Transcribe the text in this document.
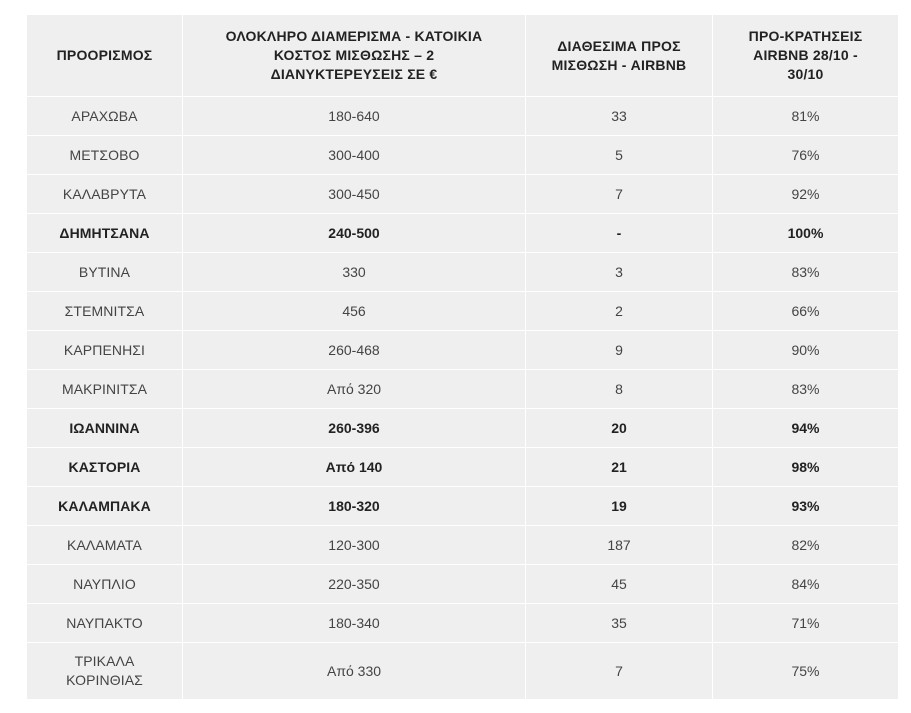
ΠΡΟΟΡΙΣΜΟΣ	ΟΛΟΚΛΗΡΟ ΔΙΑΜΕΡΙΣΜΑ - ΚΑΤΟΙΚΙΑ ΚΟΣΤΟΣ ΜΙΣΘΩΣΗΣ – 2 ΔΙΑΝΥΚΤΕΡΕΥΣΕΙΣ ΣΕ €	ΔΙΑΘΕΣΙΜΑ ΠΡΟΣ ΜΙΣΘΩΣΗ - AIRBNB	ΠΡΟ-ΚΡΑΤΗΣΕΙΣ AIRBNB 28/10 - 30/10
ΑΡΑΧΩΒΑ	180-640	33	81%
ΜΕΤΣΟΒΟ	300-400	5	76%
ΚΑΛΑΒΡΥΤΑ	300-450	7	92%
ΔΗΜΗΤΣΑΝΑ	240-500	-	100%
ΒΥΤΙΝΑ	330	3	83%
ΣΤΕΜΝΙΤΣΑ	456	2	66%
ΚΑΡΠΕΝΗΣΙ	260-468	9	90%
ΜΑΚΡΙΝΙΤΣΑ	Από 320	8	83%
ΙΩΑΝΝΙΝΑ	260-396	20	94%
ΚΑΣΤΟΡΙΑ	Από 140	21	98%
ΚΑΛΑΜΠΑΚΑ	180-320	19	93%
ΚΑΛΑΜΑΤΑ	120-300	187	82%
ΝΑΥΠΛΙΟ	220-350	45	84%
ΝΑΥΠΑΚΤΟ	180-340	35	71%
ΤΡΙΚΑΛΑ ΚΟΡΙΝΘΙΑΣ	Από 330	7	75%
